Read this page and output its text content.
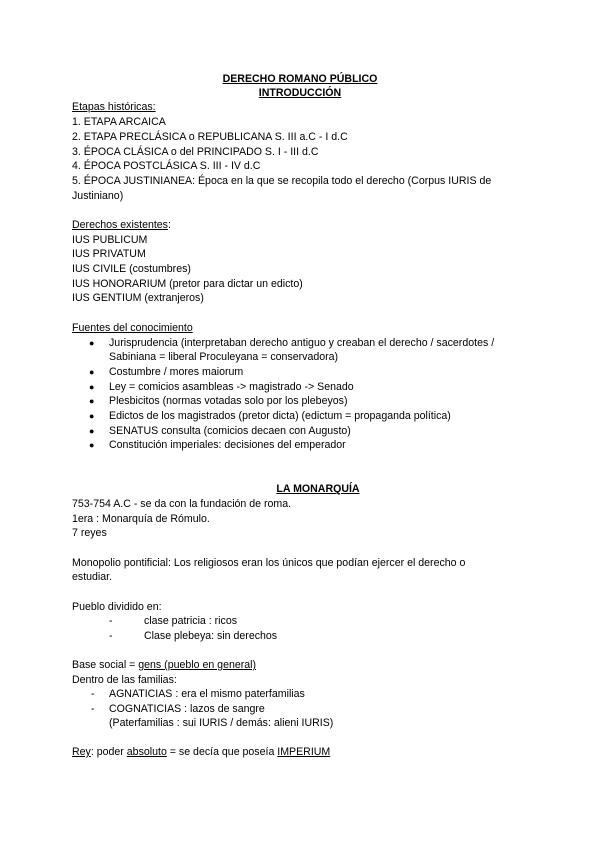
DERECHO ROMANO PÚBLICO
INTRODUCCIÓN
Etapas históricas:
1. ETAPA ARCAICA
2. ETAPA PRECLÁSICA o REPUBLICANA S. III a.C - I d.C
3. ÉPOCA CLÁSICA o del PRINCIPADO S. I - III d.C
4. ÉPOCA POSTCLÁSICA S. III - IV d.C
5. ÉPOCA JUSTINIANEA: Época en la que se recopila todo el derecho (Corpus IURIS de
Justiniano)
Derechos existentes:
IUS PUBLICUM
IUS PRIVATUM
IUS CIVILE (costumbres)
IUS HONORARIUM (pretor para dictar un edicto)
IUS GENTIUM (extranjeros)
Fuentes del conocimiento
● Jurisprudencia (interpretaban derecho antiguo y creaban el derecho / sacerdotes /
Sabiniana = liberal Proculeyana = conservadora)
● Costumbre / mores maiorum
● Ley = comicios asambleas -> magistrado -> Senado
● Plesbicitos (normas votadas solo por los plebeyos)
● Edictos de los magistrados (pretor dicta) (edictum = propaganda política)
● SENATUS consulta (comicios decaen con Augusto)
● Constitución imperiales: decisiones del emperador
LA MONARQUÍA
753-754 A.C - se da con la fundación de roma.
1era : Monarquía de Rómulo.
7 reyes
Monopolio pontificial: Los religiosos eran los únicos que podían ejercer el derecho o
estudiar.
Pueblo dividido en:
-	clase patricia : ricos
-	Clase plebeya: sin derechos
Base social = gens (pueblo en general)
Dentro de las familias:
- AGNATICIAS : era el mismo paterfamilias
- COGNATICIAS : lazos de sangre
(Paterfamilias : sui IURIS / demás: alieni IURIS)
Rey: poder absoluto = se decía que poseía IMPERIUM
